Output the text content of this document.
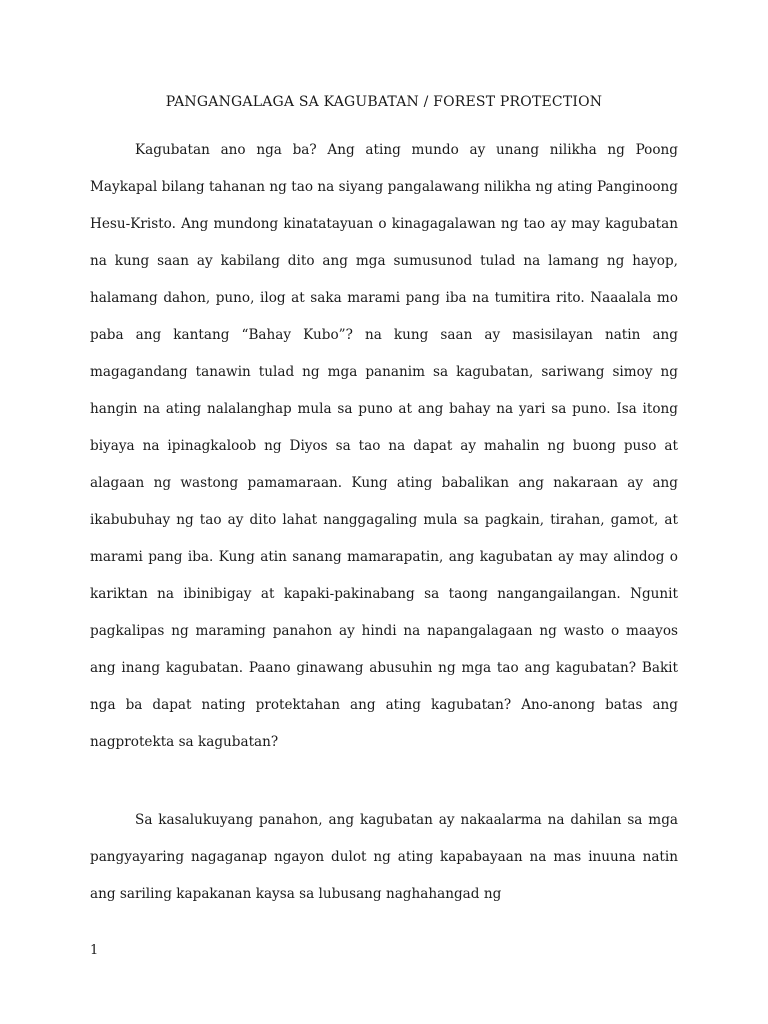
PANGANGALAGA SA KAGUBATAN / FOREST PROTECTION

Kagubatan ano nga ba? Ang ating mundo ay unang nilikha ng Poong Maykapal bilang tahanan ng tao na siyang pangalawang nilikha ng ating Panginoong Hesu-Kristo. Ang mundong kinatatayuan o kinagagalawan ng tao ay may kagubatan na kung saan ay kabilang dito ang mga sumusunod tulad na lamang ng hayop, halamang dahon, puno, ilog at saka marami pang iba na tumitira rito. Naaalala mo paba ang kantang “Bahay Kubo”? na kung saan ay masisilayan natin ang magagandang tanawin tulad ng mga pananim sa kagubatan, sariwang simoy ng hangin na ating nalalanghap mula sa puno at ang bahay na yari sa puno. Isa itong biyaya na ipinagkaloob ng Diyos sa tao na dapat ay mahalin ng buong puso at alagaan ng wastong pamamaraan. Kung ating babalikan ang nakaraan ay ang ikabubuhay ng tao ay dito lahat nanggagaling mula sa pagkain, tirahan, gamot, at marami pang iba. Kung atin sanang mamarapatin, ang kagubatan ay may alindog o kariktan na ibinibigay at kapaki-pakinabang sa taong nangangailangan. Ngunit pagkalipas ng maraming panahon ay hindi na napangalagaan ng wasto o maayos ang inang kagubatan. Paano ginawang abusuhin ng mga tao ang kagubatan? Bakit nga ba dapat nating protektahan ang ating kagubatan? Ano-anong batas ang nagprotekta sa kagubatan?

Sa kasalukuyang panahon, ang kagubatan ay nakaalarma na dahilan sa mga pangyayaring nagaganap ngayon dulot ng ating kapabayaan na mas inuuna natin ang sariling kapakanan kaysa sa lubusang naghahangad ng

1
